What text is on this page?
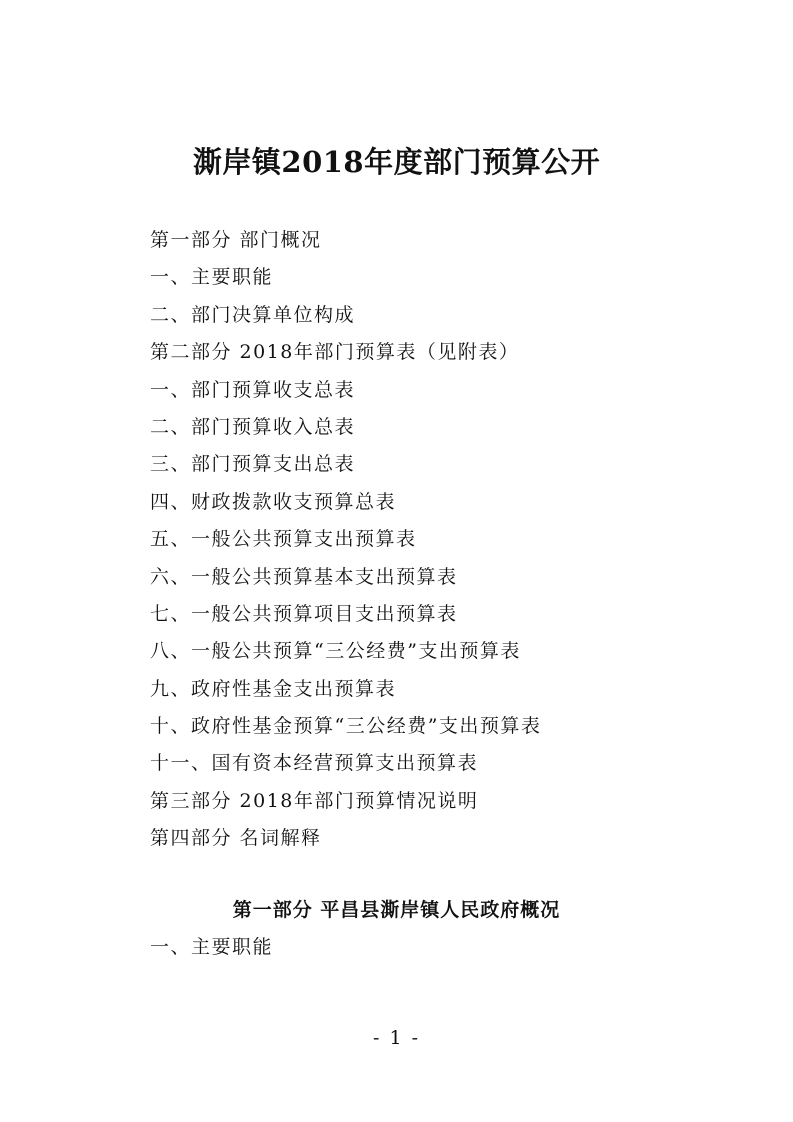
澌岸镇2018年度部门预算公开
第一部分 部门概况
一、主要职能
二、部门决算单位构成
第二部分 2018年部门预算表（见附表）
一、部门预算收支总表
二、部门预算收入总表
三、部门预算支出总表
四、财政拨款收支预算总表
五、一般公共预算支出预算表
六、一般公共预算基本支出预算表
七、一般公共预算项目支出预算表
八、一般公共预算“三公经费”支出预算表
九、政府性基金支出预算表
十、政府性基金预算“三公经费”支出预算表
十一、国有资本经营预算支出预算表
第三部分 2018年部门预算情况说明
第四部分 名词解释
第一部分 平昌县澌岸镇人民政府概况
一、主要职能
- 1 -
